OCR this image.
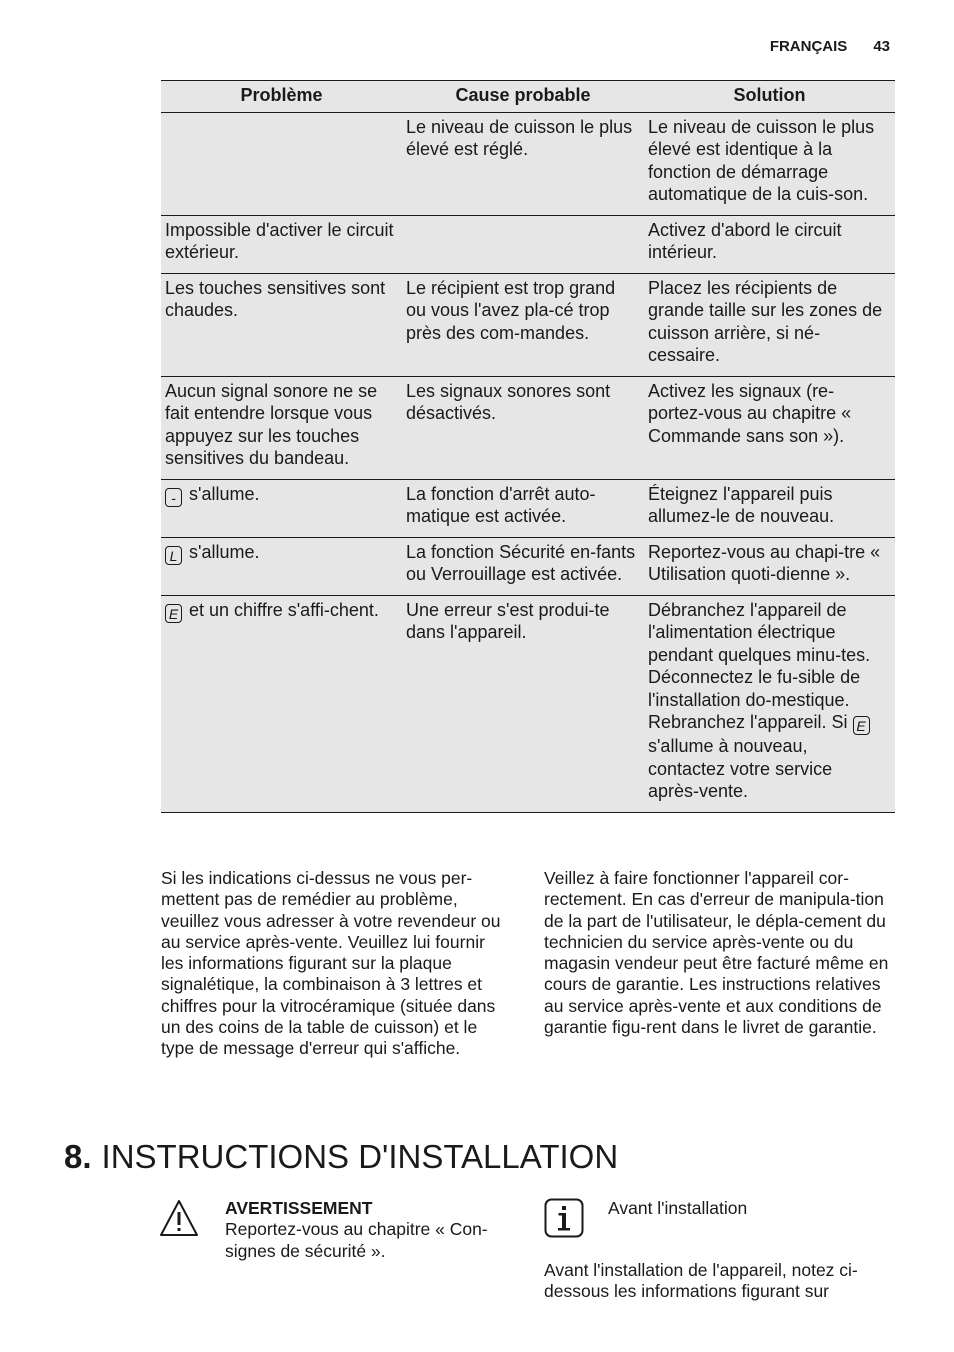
FRANÇAIS 43
Problème	Cause probable	Solution
	Le niveau de cuisson le plus élevé est réglé.	Le niveau de cuisson le plus élevé est identique à la fonction de démarrage automatique de la cuis-son.
Impossible d'activer le circuit extérieur.		Activez d'abord le circuit intérieur.
Les touches sensitives sont chaudes.	Le récipient est trop grand ou vous l'avez pla-cé trop près des com-mandes.	Placez les récipients de grande taille sur les zones de cuisson arrière, si né-cessaire.
Aucun signal sonore ne se fait entendre lorsque vous appuyez sur les touches sensitives du bandeau.	Les signaux sonores sont désactivés.	Activez les signaux (re-portez-vous au chapitre « Commande sans son »).
- s'allume.	La fonction d'arrêt auto-matique est activée.	Éteignez l'appareil puis allumez-le de nouveau.
L s'allume.	La fonction Sécurité en-fants ou Verrouillage est activée.	Reportez-vous au chapi-tre « Utilisation quoti-dienne ».
E et un chiffre s'affi-chent.	Une erreur s'est produi-te dans l'appareil.	Débranchez l'appareil de l'alimentation électrique pendant quelques minu-tes. Déconnectez le fu-sible de l'installation do-mestique. Rebranchez l'appareil. Si E s'allume à nouveau, contactez votre service après-vente.
Si les indications ci-dessus ne vous per-mettent pas de remédier au problème, veuillez vous adresser à votre revendeur ou au service après-vente. Veuillez lui fournir les informations figurant sur la plaque signalétique, la combinaison à 3 lettres et chiffres pour la vitrocéramique (située dans un des coins de la table de cuisson) et le type de message d'erreur qui s'affiche.
Veillez à faire fonctionner l'appareil cor-rectement. En cas d'erreur de manipula-tion de la part de l'utilisateur, le dépla-cement du technicien du service après-vente ou du magasin vendeur peut être facturé même en cours de garantie. Les instructions relatives au service après-vente et aux conditions de garantie figu-rent dans le livret de garantie.
8. INSTRUCTIONS D'INSTALLATION
AVERTISSEMENT
Reportez-vous au chapitre « Con-signes de sécurité ».
Avant l'installation
Avant l'installation de l'appareil, notez ci-dessous les informations figurant sur
